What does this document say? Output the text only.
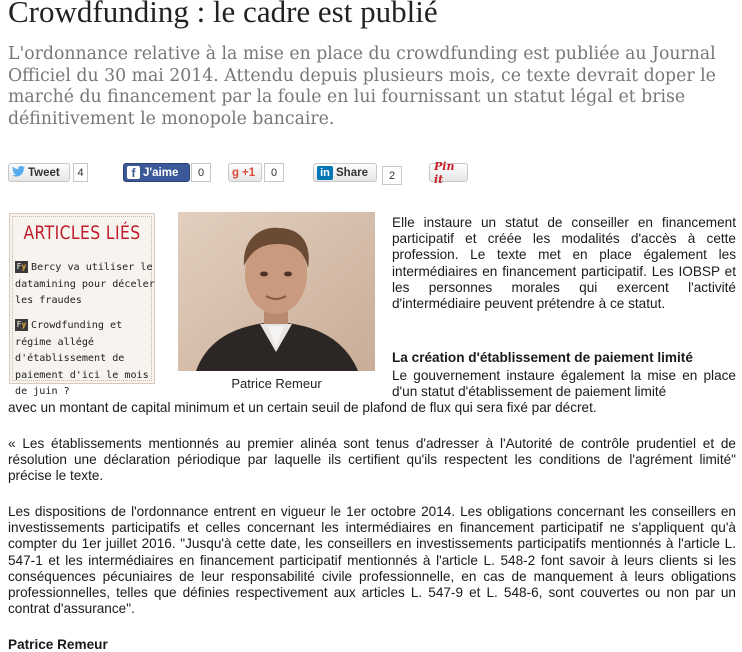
Crowdfunding : le cadre est publié

L'ordonnance relative à la mise en place du crowdfunding est publiée au Journal Officiel du 30 mai 2014. Attendu depuis plusieurs mois, ce texte devrait doper le marché du financement par la foule en lui fournissant un statut légal et brise définitivement le monopole bancaire.

Tweet	4	f J'aime	0	g +1	0	in Share	2
Pin it
ARTICLES LIÉS
Fy Bercy va utiliser le datamining pour déceler les fraudes
Fy Crowdfunding et régime allégé d'établissement de paiement d'ici le mois de juin ?
Patrice Remeur

Elle instaure un statut de conseiller en financement participatif et créée les modalités d'accès à cette profession. Le texte met en place également les intermédiaires en financement participatif. Les IOBSP et les personnes morales qui exercent l'activité d'intermédiaire peuvent prétendre à ce statut.

La création d'établissement de paiement limité

Le gouvernement instaure également la mise en place d'un statut d'établissement de paiement limité

avec un montant de capital minimum et un certain seuil de plafond de flux qui sera fixé par décret.

« Les établissements mentionnés au premier alinéa sont tenus d'adresser à l'Autorité de contrôle prudentiel et de résolution une déclaration périodique par laquelle ils certifient qu'ils respectent les conditions de l'agrément limité" précise le texte.

Les dispositions de l'ordonnance entrent en vigueur le 1er octobre 2014. Les obligations concernant les conseillers en investissements participatifs et celles concernant les intermédiaires en financement participatif ne s'appliquent qu'à compter du 1er juillet 2016. "Jusqu'à cette date, les conseillers en investissements participatifs mentionnés à l'article L. 547-1 et les intermédiaires en financement participatif mentionnés à l'article L. 548-2 font savoir à leurs clients si les conséquences pécuniaires de leur responsabilité civile professionnelle, en cas de manquement à leurs obligations professionnelles, telles que définies respectivement aux articles L. 547-9 et L. 548-6, sont couvertes ou non par un contrat d'assurance".

Patrice Remeur
